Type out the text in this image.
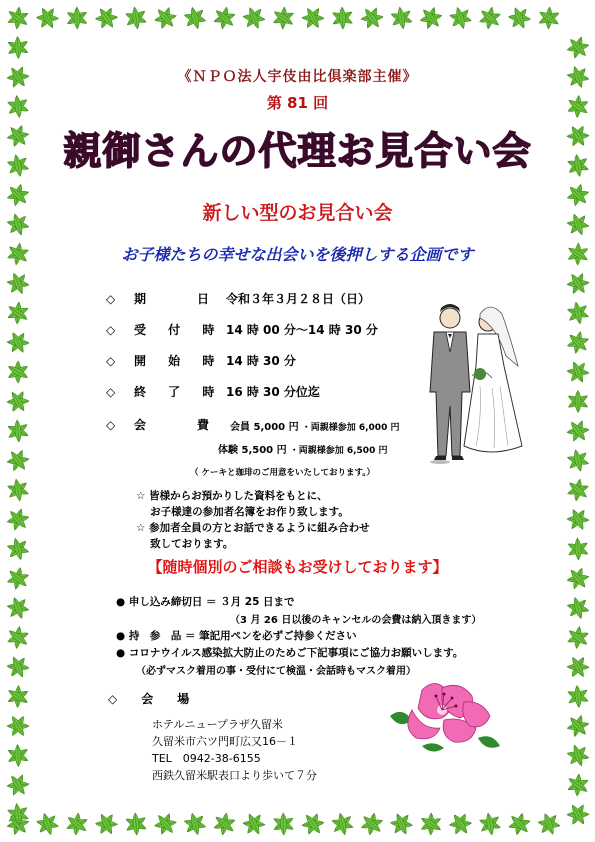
《ＮＰＯ法人宇伎由比倶楽部主催》
第 81 回
親御さんの代理お見合い会
新しい型のお見合い会
お子様たちの幸せな出会いを後押しする企画です
◇ 期　　日 令和３年３月２８日（日）
◇ 受 付 時 14 時 00 分～14 時 30 分
◇ 開 始 時 14 時 30 分
◇ 終 了 時 16 時 30 分位迄
◇ 会　　費	会員 5,000 円 ・両親様参加 6,000 円
体験 5,500 円 ・両親様参加 6,500 円
（ ケーキと珈琲のご用意をいたしております。）
☆ 皆様からお預かりした資料をもとに、
　 お子様達の参加者名簿をお作り致します。
☆ 参加者全員の方とお話できるように組み合わせ
　 致しております。
【随時個別のご相談もお受けしております】
● 申し込み締切日 ＝ ３月 25 日まで
（3 月 26 日以後のキャンセルの会費は納入頂きます）
● 持　参　品 ＝ 筆記用ペンを必ずご持参ください
● コロナウイルス感染拡大防止のためご下記事項にご協力お願いします。
（必ずマスク着用の事・受付にて検温・会話時もマスク着用）
◇　　会　　場
ホテルニュープラザ久留米
久留米市六ツ門町広又16－１
TEL　0942-38-6155
西鉄久留米駅表口より歩いて７分
